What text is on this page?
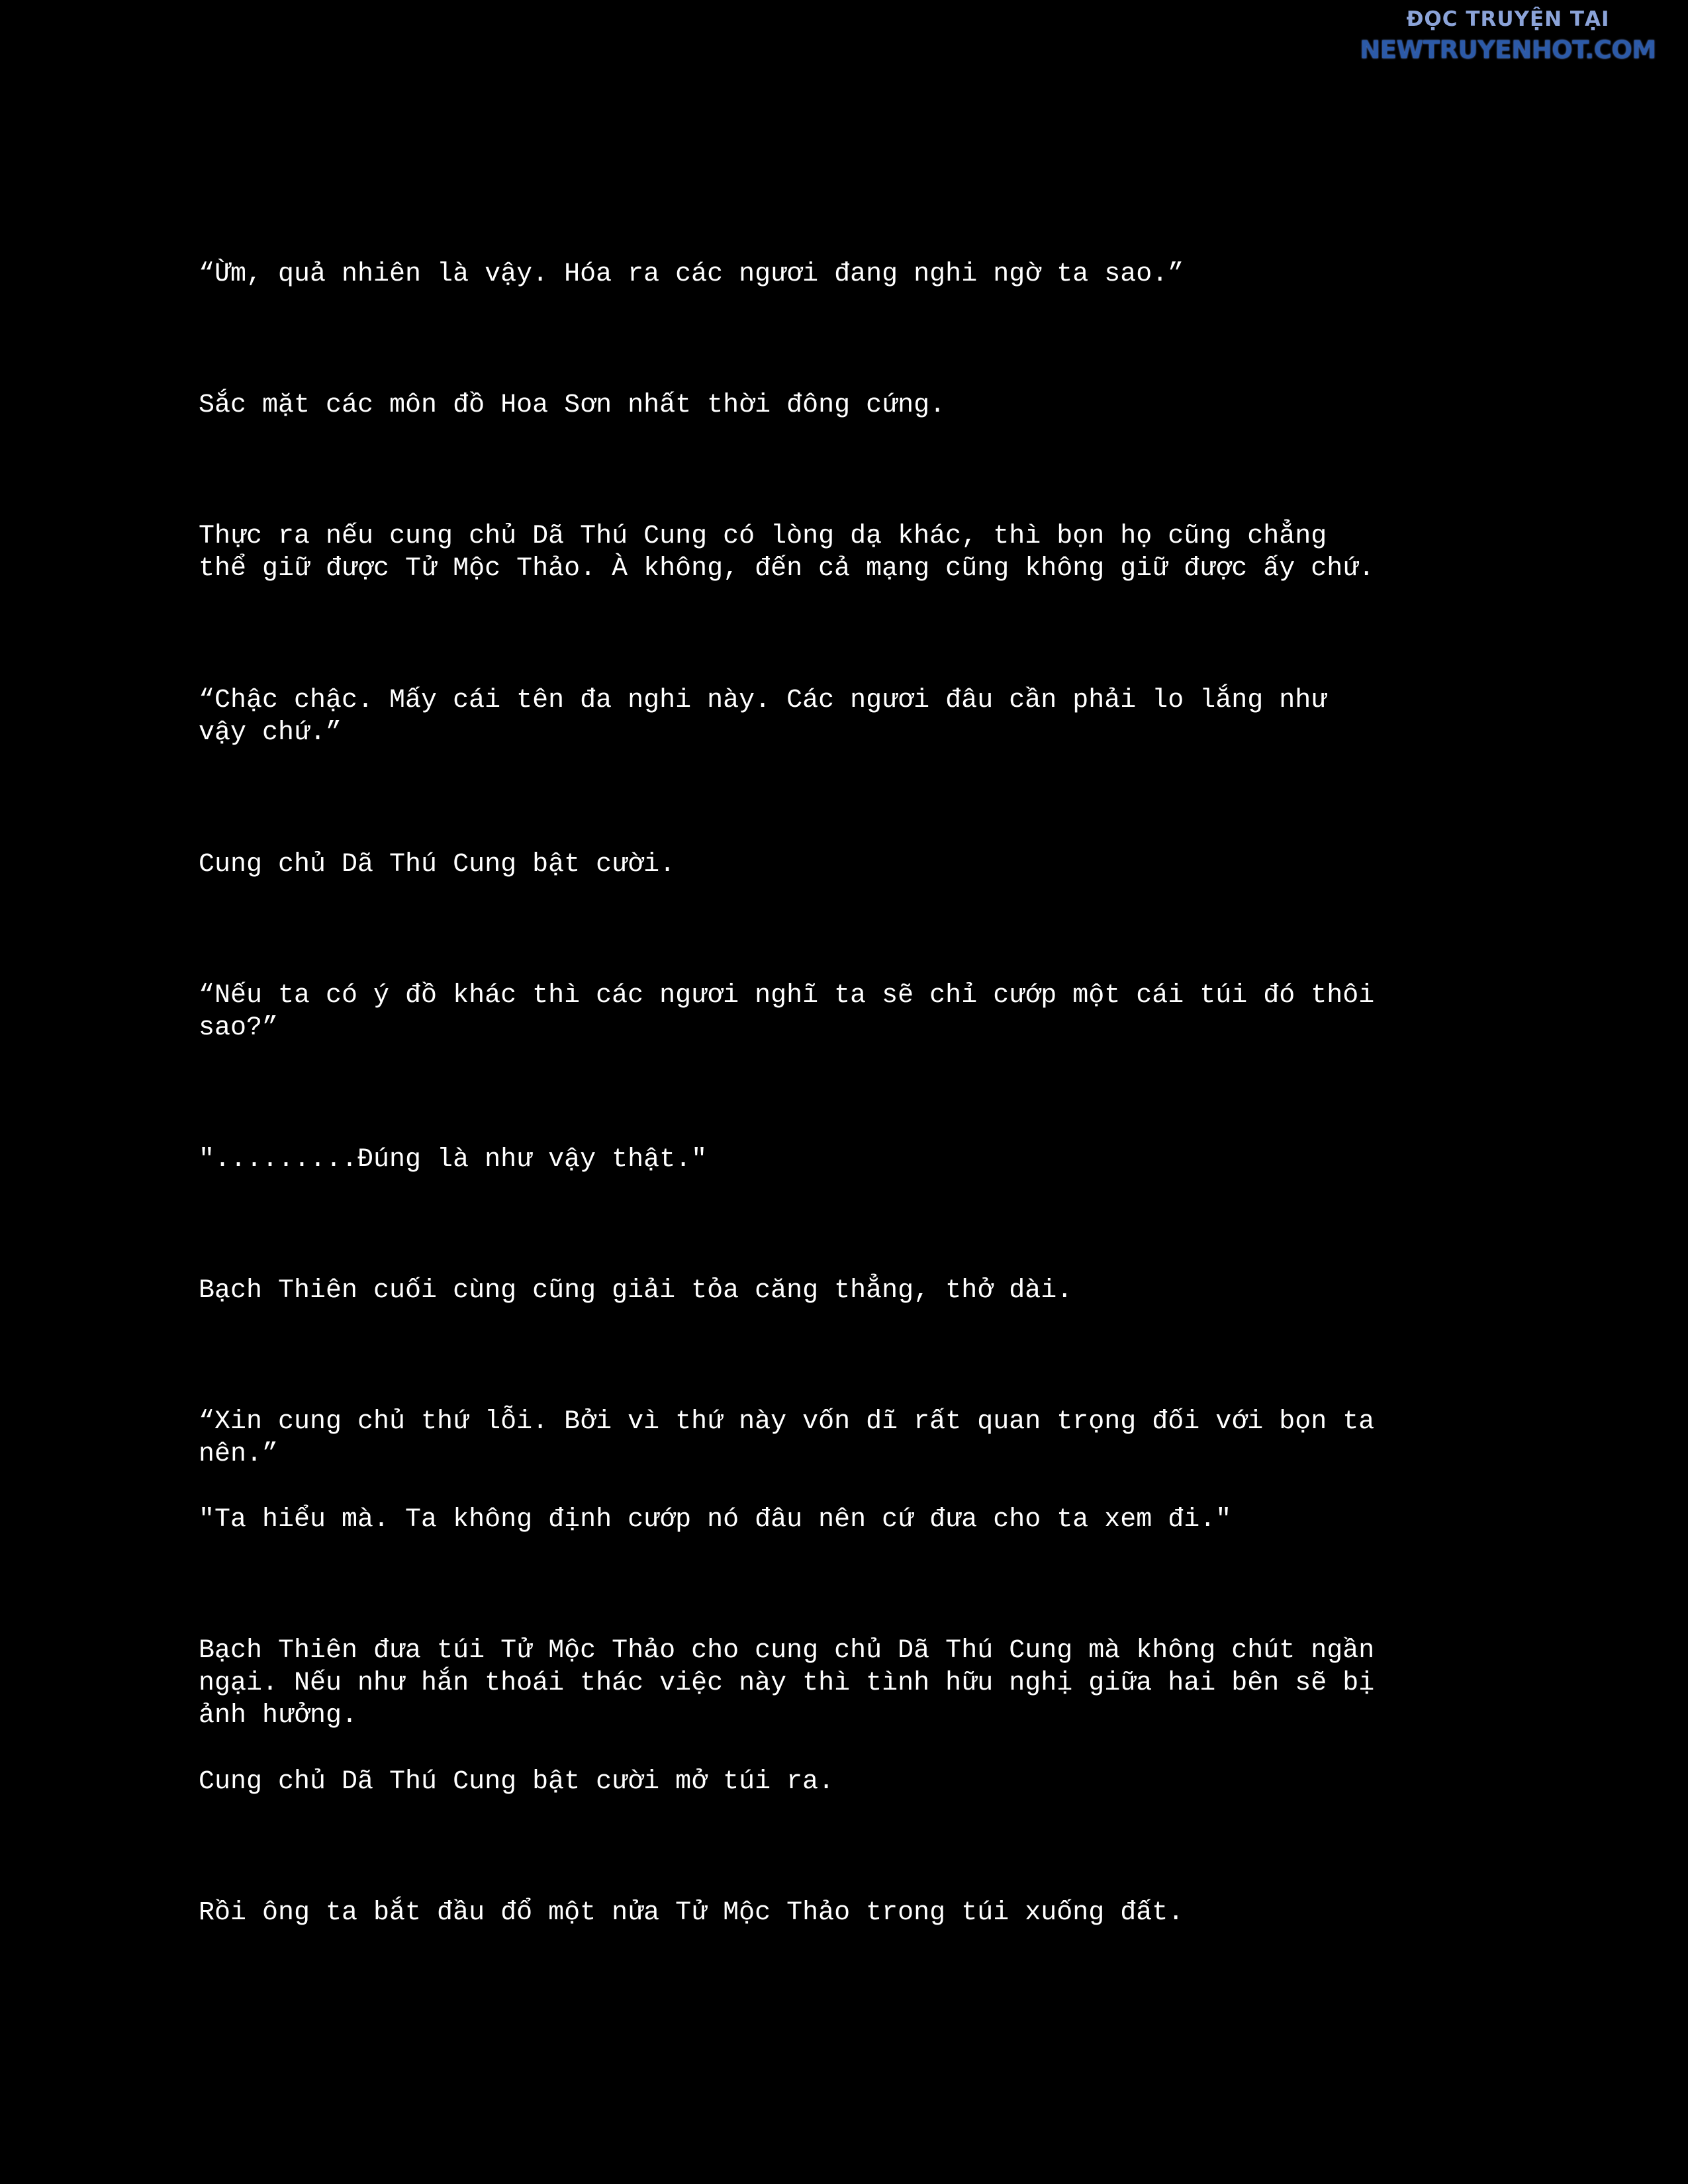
ĐỌC TRUYỆN TẠI
NEWTRUYENHOT.COM

“Ừm, quả nhiên là vậy. Hóa ra các ngươi đang nghi ngờ ta sao.”

Sắc mặt các môn đồ Hoa Sơn nhất thời đông cứng.

Thực ra nếu cung chủ Dã Thú Cung có lòng dạ khác, thì bọn họ cũng chẳng
thể giữ được Tử Mộc Thảo. À không, đến cả mạng cũng không giữ được ấy chứ.

“Chậc chậc. Mấy cái tên đa nghi này. Các ngươi đâu cần phải lo lắng như
vậy chứ.”

Cung chủ Dã Thú Cung bật cười.

“Nếu ta có ý đồ khác thì các ngươi nghĩ ta sẽ chỉ cướp một cái túi đó thôi
sao?”

".........Đúng là như vậy thật."

Bạch Thiên cuối cùng cũng giải tỏa căng thẳng, thở dài.

“Xin cung chủ thứ lỗi. Bởi vì thứ này vốn dĩ rất quan trọng đối với bọn ta
nên.”

"Ta hiểu mà. Ta không định cướp nó đâu nên cứ đưa cho ta xem đi."

Bạch Thiên đưa túi Tử Mộc Thảo cho cung chủ Dã Thú Cung mà không chút ngần
ngại. Nếu như hắn thoái thác việc này thì tình hữu nghị giữa hai bên sẽ bị
ảnh hưởng.

Cung chủ Dã Thú Cung bật cười mở túi ra.

Rồi ông ta bắt đầu đổ một nửa Tử Mộc Thảo trong túi xuống đất.
